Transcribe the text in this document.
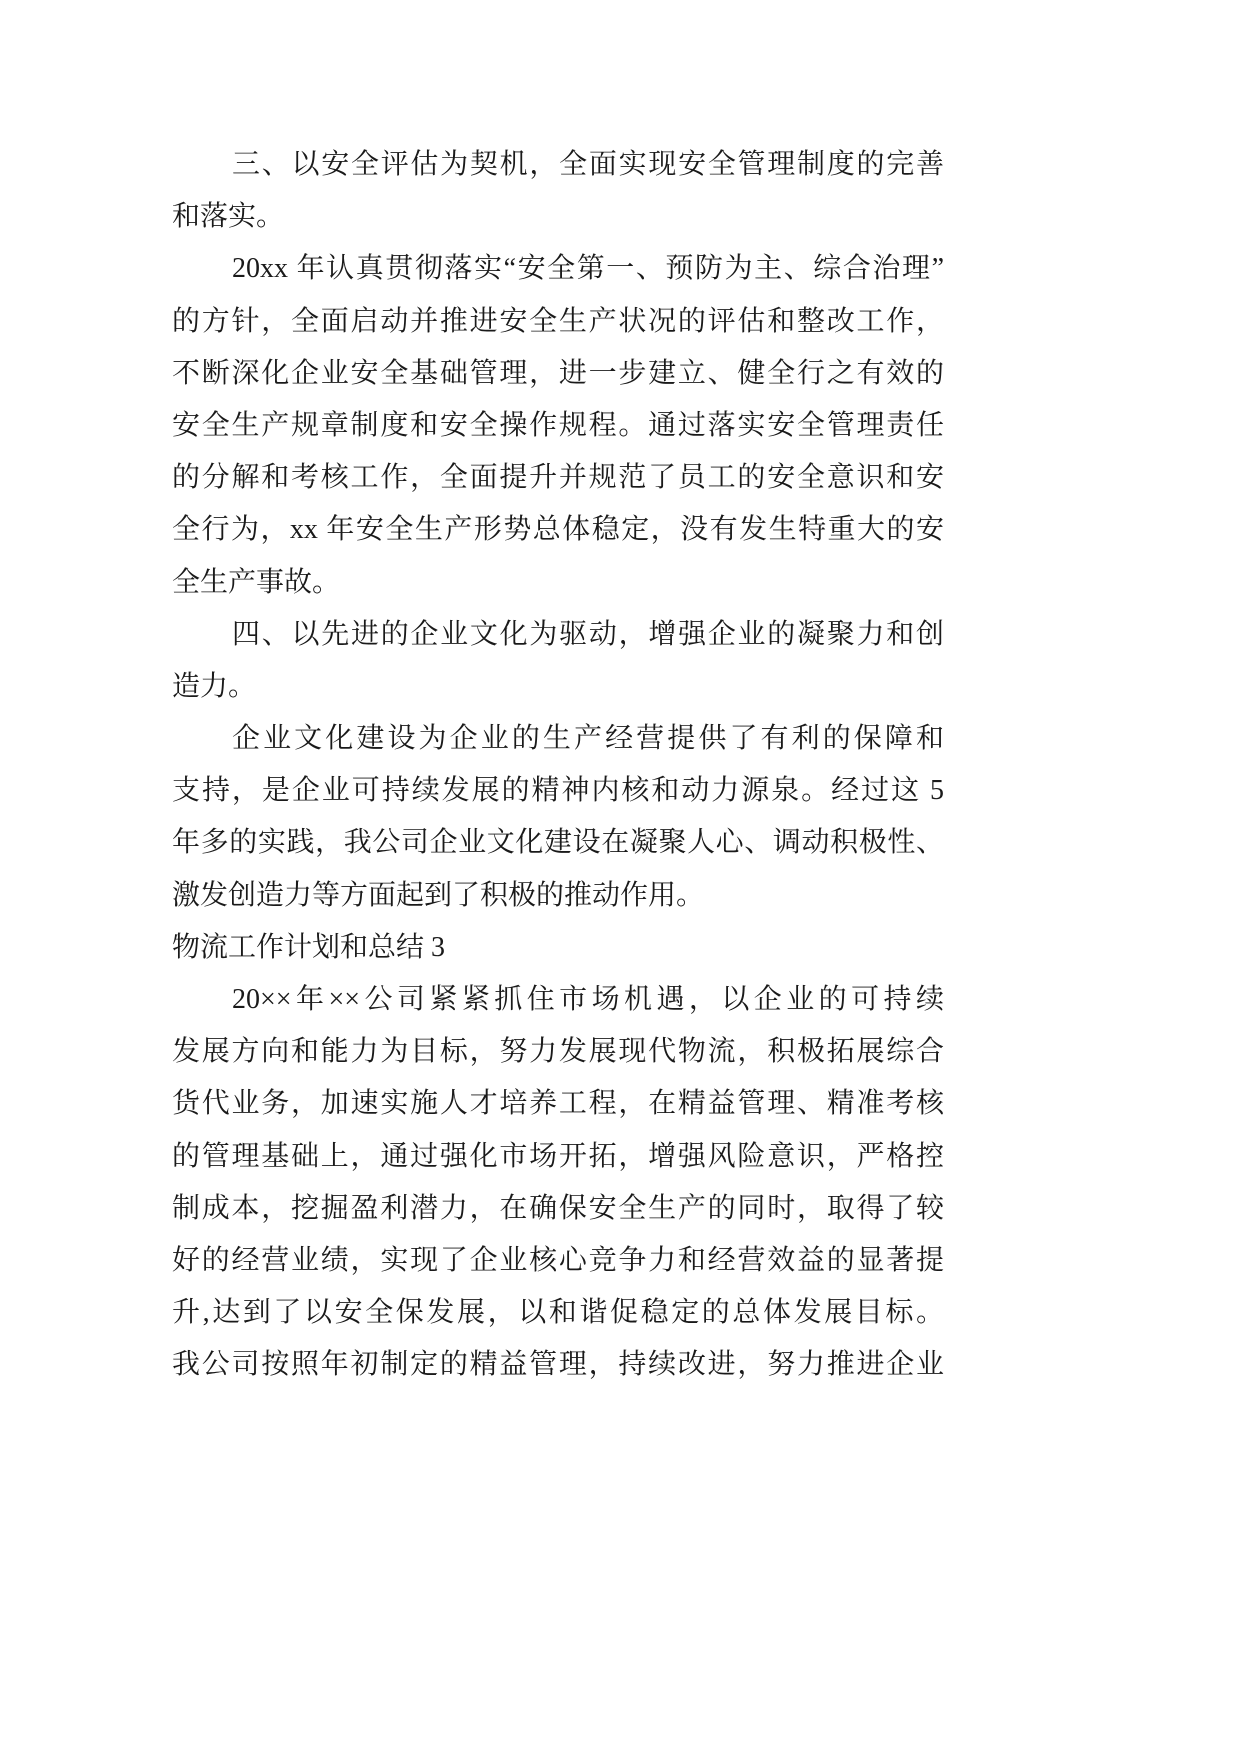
三、以安全评估为契机，全面实现安全管理制度的完善
和落实。
20xx 年认真贯彻落实“安全第一、预防为主、综合治理”
的方针，全面启动并推进安全生产状况的评估和整改工作，
不断深化企业安全基础管理，进一步建立、健全行之有效的
安全生产规章制度和安全操作规程。通过落实安全管理责任
的分解和考核工作，全面提升并规范了员工的安全意识和安
全行为，xx 年安全生产形势总体稳定，没有发生特重大的安
全生产事故。
四、以先进的企业文化为驱动，增强企业的凝聚力和创
造力。
企业文化建设为企业的生产经营提供了有利的保障和
支持，是企业可持续发展的精神内核和动力源泉。经过这 5
年多的实践，我公司企业文化建设在凝聚人心、调动积极性、
激发创造力等方面起到了积极的推动作用。
物流工作计划和总结 3
20××年××公司紧紧抓住市场机遇，以企业的可持续
发展方向和能力为目标，努力发展现代物流，积极拓展综合
货代业务，加速实施人才培养工程，在精益管理、精准考核
的管理基础上，通过强化市场开拓，增强风险意识，严格控
制成本，挖掘盈利潜力，在确保安全生产的同时，取得了较
好的经营业绩，实现了企业核心竞争力和经营效益的显著提
升,达到了以安全保发展，以和谐促稳定的总体发展目标。
我公司按照年初制定的精益管理，持续改进，努力推进企业
